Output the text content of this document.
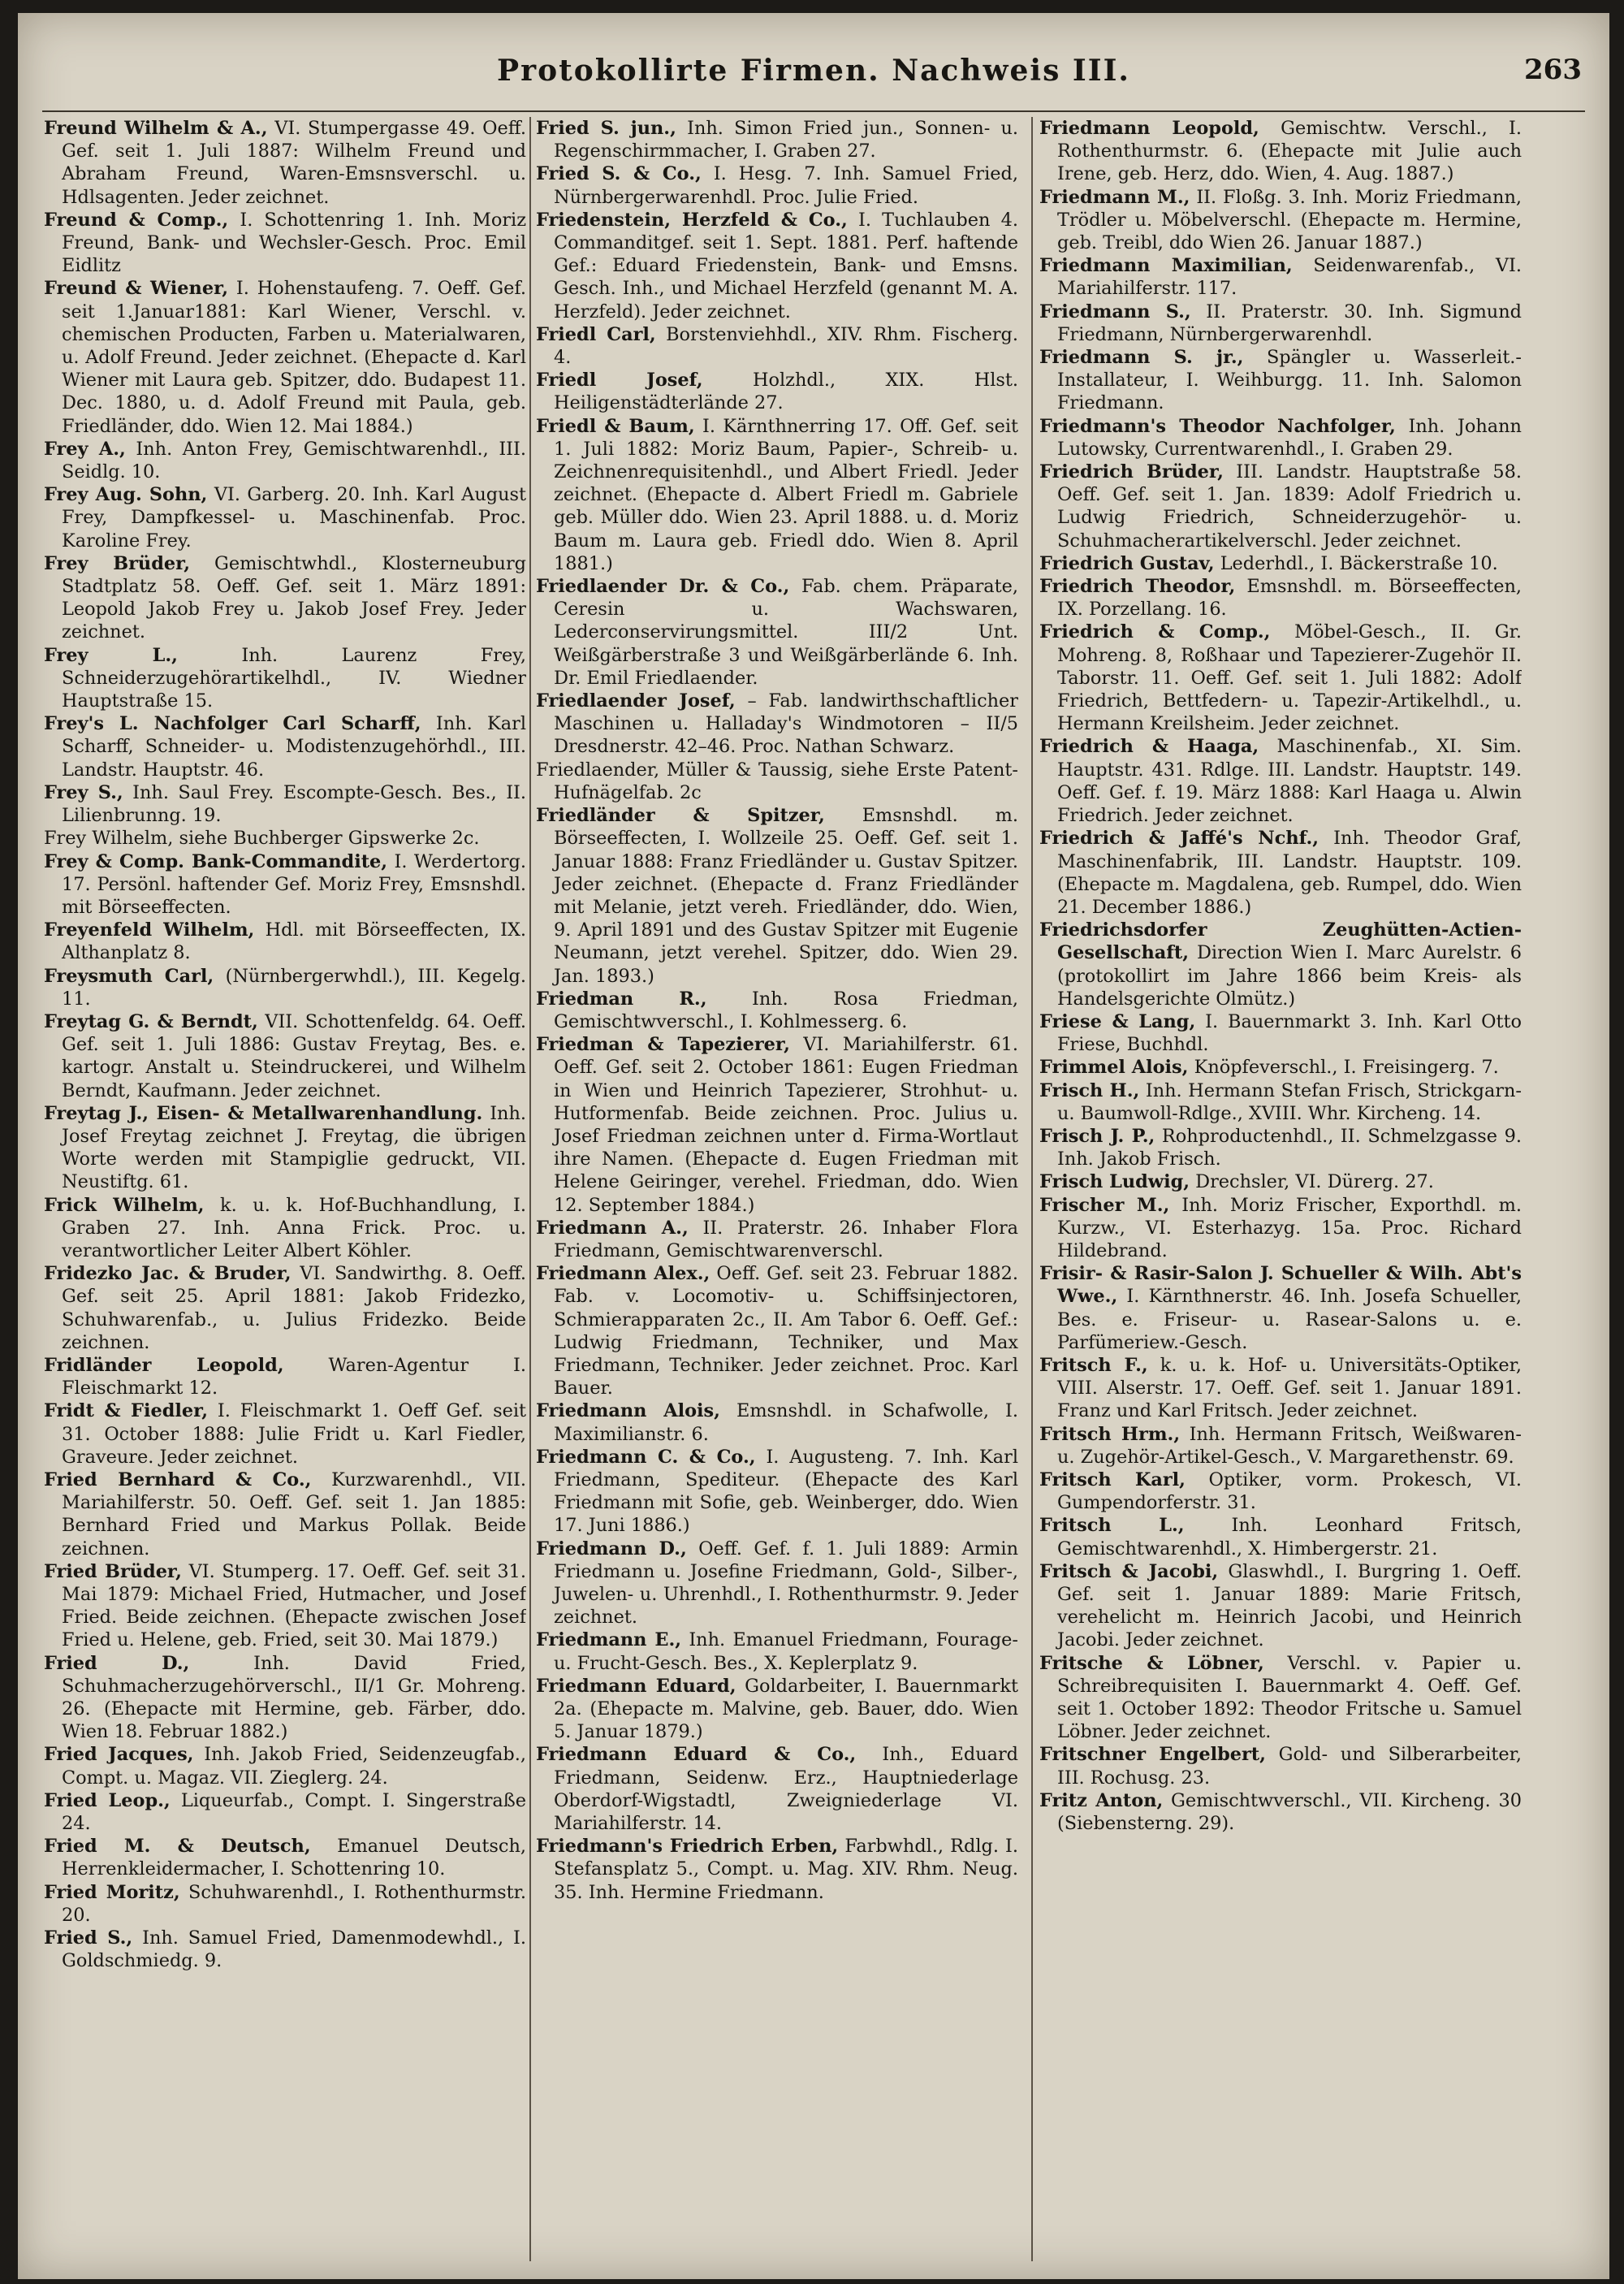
Protokollirte Firmen. Nachweis III.	263

Freund Wilhelm & A., VI. Stumpergasse 49. Oeff. Gef. seit 1. Juli 1887: Wilhelm Freund und Abraham Freund, Waren-Emsnsverschl. u. Hdlsagenten. Jeder zeichnet.

Freund & Comp., I. Schottenring 1. Inh. Moriz Freund, Bank- und Wechsler-Gesch. Proc. Emil Eidlitz

Freund & Wiener, I. Hohenstaufeng. 7. Oeff. Gef. seit 1.Januar1881: Karl Wiener, Verschl. v. chemischen Producten, Farben u. Materialwaren, u. Adolf Freund. Jeder zeichnet. (Ehepacte d. Karl Wiener mit Laura geb. Spitzer, ddo. Budapest 11. Dec. 1880, u. d. Adolf Freund mit Paula, geb. Friedländer, ddo. Wien 12. Mai 1884.)

Frey A., Inh. Anton Frey, Gemischtwarenhdl., III. Seidlg. 10.

Frey Aug. Sohn, VI. Garberg. 20. Inh. Karl August Frey, Dampfkessel- u. Maschinenfab. Proc. Karoline Frey.

Frey Brüder, Gemischtwhdl., Klosterneuburg Stadtplatz 58. Oeff. Gef. seit 1. März 1891: Leopold Jakob Frey u. Jakob Josef Frey. Jeder zeichnet.

Frey L.,	Inh. Laurenz Frey, Schneiderzugehörartikelhdl., IV. Wiedner Hauptstraße 15.

Frey's L. Nachfolger Carl Scharff, Inh. Karl Scharff, Schneider- u. Modistenzugehörhdl., III. Landstr. Hauptstr. 46.

Frey S., Inh. Saul Frey. Escompte-Gesch. Bes., II. Lilienbrunng. 19.

Frey Wilhelm, siehe Buchberger Gipswerke 2c.

Frey & Comp. Bank-Commandite, I. Werdertorg. 17. Persönl. haftender Gef. Moriz Frey, Emsnshdl. mit Börseeffecten.

Freyenfeld Wilhelm, Hdl. mit Börseeffecten, IX. Althanplatz 8.

Freysmuth Carl, (Nürnbergerwhdl.), III. Kegelg. 11.

Freytag G. & Berndt, VII. Schottenfeldg. 64. Oeff. Gef. seit 1. Juli 1886: Gustav Freytag, Bes. e. kartogr. Anstalt u. Steindruckerei, und Wilhelm Berndt, Kaufmann. Jeder zeichnet.

Freytag J., Eisen- & Metallwarenhandlung. Inh. Josef Freytag zeichnet J. Freytag, die übrigen Worte werden mit Stampiglie gedruckt, VII. Neustiftg. 61.

Frick Wilhelm, k. u. k. Hof-Buchhandlung, I. Graben 27. Inh. Anna Frick. Proc. u. verantwortlicher Leiter Albert Köhler.

Fridezko Jac. & Bruder, VI. Sandwirthg. 8. Oeff. Gef. seit 25. April 1881: Jakob Fridezko, Schuhwarenfab., u. Julius Fridezko. Beide zeichnen.

Fridländer Leopold, Waren-Agentur I. Fleischmarkt 12.

Fridt & Fiedler, I. Fleischmarkt 1. Oeff Gef. seit 31. October 1888: Julie Fridt u. Karl Fiedler, Graveure. Jeder zeichnet.

Fried Bernhard & Co., Kurzwarenhdl., VII. Mariahilferstr. 50. Oeff. Gef. seit 1. Jan 1885: Bernhard Fried und Markus Pollak. Beide zeichnen.

Fried Brüder, VI. Stumperg. 17. Oeff. Gef. seit 31. Mai 1879: Michael Fried, Hutmacher, und Josef Fried. Beide zeichnen. (Ehepacte zwischen Josef Fried u. Helene, geb. Fried, seit 30. Mai 1879.)

Fried D.,	Inh. David Fried, Schuhmacherzugehörverschl., II/1 Gr. Mohreng. 26. (Ehepacte mit Hermine, geb. Färber, ddo. Wien 18. Februar 1882.)

Fried Jacques, Inh. Jakob Fried, Seidenzeugfab., Compt. u. Magaz. VII. Zieglerg. 24.

Fried Leop., Liqueurfab., Compt. I. Singerstraße 24.

Fried M. & Deutsch, Emanuel Deutsch, Herrenkleidermacher, I. Schottenring 10.

Fried Moritz, Schuhwarenhdl., I. Rothenthurmstr. 20.

Fried S., Inh. Samuel Fried, Damenmodewhdl., I. Goldschmiedg. 9.

Fried S. jun., Inh. Simon Fried jun., Sonnen- u. Regenschirmmacher, I. Graben 27.

Fried S. & Co., I. Hesg. 7. Inh. Samuel Fried, Nürnbergerwarenhdl. Proc. Julie Fried.

Friedenstein, Herzfeld & Co., I. Tuchlauben 4. Commanditgef. seit 1. Sept. 1881. Perf. haftende Gef.: Eduard Friedenstein, Bank- und Emsns. Gesch. Inh., und Michael Herzfeld (genannt M. A. Herzfeld). Jeder zeichnet.

Friedl Carl, Borstenviehhdl., XIV. Rhm. Fischerg. 4.

Friedl Josef,	Holzhdl., XIX. Hlst. Heiligenstädterlände 27.

Friedl & Baum, I. Kärnthnerring 17. Off. Gef. seit 1. Juli 1882: Moriz Baum, Papier-, Schreib- u. Zeichnenrequisitenhdl., und Albert Friedl. Jeder zeichnet. (Ehepacte d. Albert Friedl m. Gabriele geb. Müller ddo. Wien 23. April 1888. u. d. Moriz Baum m. Laura geb. Friedl ddo. Wien 8. April 1881.)

Friedlaender Dr. & Co., Fab. chem. Präparate, Ceresin u. Wachswaren, Lederconservirungsmittel. III/2 Unt. Weißgärberstraße 3 und Weißgärberlände 6. Inh. Dr. Emil Friedlaender.

Friedlaender Josef, – Fab. landwirthschaftlicher Maschinen u. Halladay's Windmotoren – II/5 Dresdnerstr. 42–46. Proc. Nathan Schwarz.

Friedlaender, Müller & Taussig, siehe Erste Patent-Hufnägelfab. 2c

Friedländer & Spitzer, Emsnshdl. m. Börseeffecten, I. Wollzeile 25. Oeff. Gef. seit 1. Januar 1888: Franz Friedländer u. Gustav Spitzer. Jeder zeichnet. (Ehepacte d. Franz Friedländer mit Melanie, jetzt vereh. Friedländer, ddo. Wien, 9. April 1891 und des Gustav Spitzer mit Eugenie Neumann, jetzt verehel. Spitzer, ddo. Wien 29. Jan. 1893.)

Friedman R., Inh. Rosa Friedman, Gemischtwverschl., I. Kohlmesserg. 6.

Friedman & Tapezierer, VI. Mariahilferstr. 61. Oeff. Gef. seit 2. October 1861: Eugen Friedman in Wien und Heinrich Tapezierer, Strohhut- u. Hutformenfab. Beide zeichnen. Proc. Julius u. Josef Friedman zeichnen unter d. Firma-Wortlaut ihre Namen. (Ehepacte d. Eugen Friedman mit Helene Geiringer, verehel. Friedman, ddo. Wien 12. September 1884.)

Friedmann A., II. Praterstr. 26. Inhaber Flora Friedmann, Gemischtwarenverschl.

Friedmann Alex., Oeff. Gef. seit 23. Februar 1882. Fab. v. Locomotiv- u. Schiffsinjectoren, Schmierapparaten 2c., II. Am Tabor 6. Oeff. Gef.: Ludwig Friedmann, Techniker, und Max Friedmann, Techniker. Jeder zeichnet. Proc. Karl Bauer.

Friedmann Alois, Emsnshdl. in Schafwolle, I. Maximilianstr. 6.

Friedmann C. & Co., I. Augusteng. 7. Inh. Karl Friedmann, Spediteur. (Ehepacte des Karl Friedmann mit Sofie, geb. Weinberger, ddo. Wien 17. Juni 1886.)

Friedmann D., Oeff. Gef. f. 1. Juli 1889: Armin Friedmann u. Josefine Friedmann, Gold-, Silber-, Juwelen- u. Uhrenhdl., I. Rothenthurmstr. 9. Jeder zeichnet.

Friedmann E., Inh. Emanuel Friedmann, Fourage- u. Frucht-Gesch. Bes., X. Keplerplatz 9.

Friedmann Eduard, Goldarbeiter, I. Bauernmarkt 2a. (Ehepacte m. Malvine, geb. Bauer, ddo. Wien 5. Januar 1879.)

Friedmann Eduard & Co., Inh., Eduard Friedmann, Seidenw. Erz., Hauptniederlage Oberdorf-Wigstadtl, Zweigniederlage VI. Mariahilferstr. 14.

Friedmann's Friedrich Erben, Farbwhdl., Rdlg. I. Stefansplatz 5., Compt. u. Mag. XIV. Rhm. Neug. 35. Inh. Hermine Friedmann.

Friedmann Leopold, Gemischtw. Verschl., I. Rothenthurmstr. 6. (Ehepacte mit Julie auch Irene, geb. Herz, ddo. Wien, 4. Aug. 1887.)

Friedmann M., II. Floßg. 3. Inh. Moriz Friedmann, Trödler u. Möbelverschl. (Ehepacte m. Hermine, geb. Treibl, ddo Wien 26. Januar 1887.)

Friedmann Maximilian, Seidenwarenfab., VI. Mariahilferstr. 117.

Friedmann S., II. Praterstr. 30. Inh. Sigmund Friedmann, Nürnbergerwarenhdl.

Friedmann S. jr., Spängler u. Wasserleit.-Installateur, I. Weihburgg. 11. Inh. Salomon Friedmann.

Friedmann's Theodor Nachfolger, Inh. Johann Lutowsky, Currentwarenhdl., I. Graben 29.

Friedrich Brüder, III. Landstr. Hauptstraße 58. Oeff. Gef. seit 1. Jan. 1839: Adolf Friedrich u. Ludwig Friedrich, Schneiderzugehör- u. Schuhmacherartikelverschl. Jeder zeichnet.

Friedrich Gustav, Lederhdl., I. Bäckerstraße 10.

Friedrich Theodor, Emsnshdl. m. Börseeffecten, IX. Porzellang. 16.

Friedrich & Comp., Möbel-Gesch., II. Gr. Mohreng. 8, Roßhaar und Tapezierer-Zugehör II. Taborstr. 11. Oeff. Gef. seit 1. Juli 1882: Adolf Friedrich, Bettfedern- u. Tapezir-Artikelhdl., u. Hermann Kreilsheim. Jeder zeichnet.

Friedrich & Haaga, Maschinenfab., XI. Sim. Hauptstr. 431. Rdlge. III. Landstr. Hauptstr. 149. Oeff. Gef. f. 19. März 1888: Karl Haaga u. Alwin Friedrich. Jeder zeichnet.

Friedrich & Jaffé's Nchf., Inh. Theodor Graf, Maschinenfabrik, III. Landstr. Hauptstr. 109. (Ehepacte m. Magdalena, geb. Rumpel, ddo. Wien 21. December 1886.)

Friedrichsdorfer Zeughütten-Actien-Gesellschaft, Direction Wien I. Marc Aurelstr. 6 (protokollirt im Jahre 1866 beim Kreis- als Handelsgerichte Olmütz.)

Friese & Lang, I. Bauernmarkt 3. Inh. Karl Otto Friese, Buchhdl.

Frimmel Alois, Knöpfeverschl., I. Freisingerg. 7.

Frisch H., Inh. Hermann Stefan Frisch, Strickgarn- u. Baumwoll-Rdlge., XVIII. Whr. Kircheng. 14.

Frisch J. P., Rohproductenhdl., II. Schmelzgasse 9. Inh. Jakob Frisch.

Frisch Ludwig, Drechsler, VI. Dürerg. 27.

Frischer M., Inh. Moriz Frischer, Exporthdl. m. Kurzw., VI. Esterhazyg. 15a. Proc. Richard Hildebrand.

Frisir- & Rasir-Salon J. Schueller & Wilh. Abt's Wwe., I. Kärnthnerstr. 46. Inh. Josefa Schueller, Bes. e. Friseur- u. Rasear-Salons u. e. Parfümeriew.-Gesch.

Fritsch F., k. u. k. Hof- u. Universitäts-Optiker, VIII. Alserstr. 17. Oeff. Gef. seit 1. Januar 1891. Franz und Karl Fritsch. Jeder zeichnet.

Fritsch Hrm., Inh. Hermann Fritsch, Weißwaren- u. Zugehör-Artikel-Gesch., V. Margarethenstr. 69.

Fritsch Karl, Optiker, vorm. Prokesch, VI. Gumpendorferstr. 31.

Fritsch L.,	Inh. Leonhard Fritsch, Gemischtwarenhdl., X. Himbergerstr. 21.

Fritsch & Jacobi, Glaswhdl., I. Burgring 1. Oeff. Gef. seit 1. Januar 1889: Marie Fritsch, verehelicht m. Heinrich Jacobi, und Heinrich Jacobi. Jeder zeichnet.

Fritsche & Löbner, Verschl. v. Papier u. Schreibrequisiten I. Bauernmarkt 4. Oeff. Gef. seit 1. October 1892: Theodor Fritsche u. Samuel Löbner. Jeder zeichnet.

Fritschner Engelbert, Gold- und Silberarbeiter, III. Rochusg. 23.

Fritz Anton, Gemischtwverschl., VII. Kircheng. 30 (Siebensterng. 29).
